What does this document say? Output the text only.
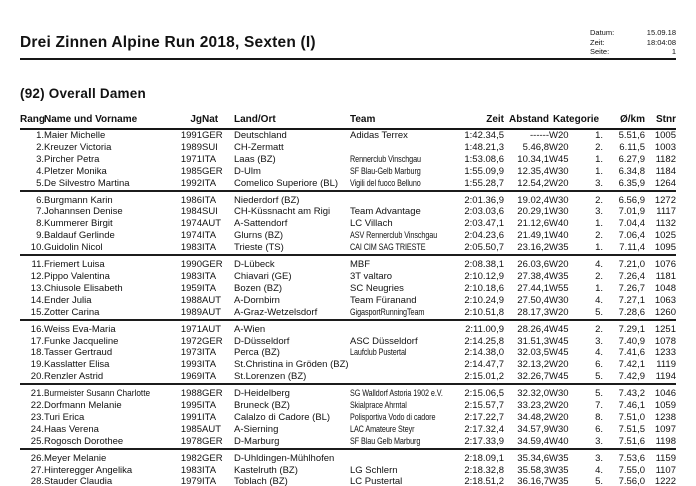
Drei Zinnen Alpine Run 2018, Sexten (I)
Datum:	15.09.18
Zeit:	18:04:08
Seite:	1
(92) Overall Damen
Rang	Name und Vorname	Jg	Nat	Land/Ort	Team	Zeit	Abstand	Kategorie		Ø/km	Stnr
1.	Maier Michelle	1991	GER	Deutschland	Adidas Terrex	1:42.34,5	------	W20	1.	5.51,6	1005
2.	Kreuzer Victoria	1989	SUI	CH-Zermatt		1:48.21,3	5.46,8	W20	2.	6.11,5	1003
3.	Pircher Petra	1971	ITA	Laas (BZ)	Rennerclub Vinschgau	1:53.08,6	10.34,1	W45	1.	6.27,9	1182
4.	Pletzer Monika	1985	GER	D-Ulm	SF Blau-Gelb Marburg	1:55.09,9	12.35,4	W30	1.	6.34,8	1184
5.	De Silvestro Martina	1992	ITA	Comelico Superiore (BL)	Vigili del fuoco Belluno	1:55.28,7	12.54,2	W20	3.	6.35,9	1264
6.	Burgmann Karin	1986	ITA	Niederdorf (BZ)		2:01.36,9	19.02,4	W30	2.	6.56,9	1272
7.	Johannsen Denise	1984	SUI	CH-Küssnacht am Rigi	Team Advantage	2:03.03,6	20.29,1	W30	3.	7.01,9	1117
8.	Kummerer Birgit	1974	AUT	A-Sattendorf	LC Villach	2:03.47,1	21.12,6	W40	1.	7.04,4	1132
9.	Baldauf Gerlinde	1974	ITA	Glurns (BZ)	ASV Rennerclub Vinschgau	2:04.23,6	21.49,1	W40	2.	7.06,4	1025
10.	Guidolin Nicol	1983	ITA	Trieste (TS)	CAI CIM SAG TRIESTE	2:05.50,7	23.16,2	W35	1.	7.11,4	1095
11.	Friemert Luisa	1990	GER	D-Lübeck	MBF	2:08.38,1	26.03,6	W20	4.	7.21,0	1076
12.	Pippo Valentina	1983	ITA	Chiavari (GE)	3T valtaro	2:10.12,9	27.38,4	W35	2.	7.26,4	1181
13.	Chiusole Elisabeth	1959	ITA	Bozen (BZ)	SC Neugries	2:10.18,6	27.44,1	W55	1.	7.26,7	1048
14.	Ender Julia	1988	AUT	A-Dornbirn	Team Füranand	2:10.24,9	27.50,4	W30	4.	7.27,1	1063
15.	Zotter Carina	1989	AUT	A-Graz-Wetzelsdorf	GigasportRunningTeam	2:10.51,8	28.17,3	W20	5.	7.28,6	1260
16.	Weiss Eva-Maria	1971	AUT	A-Wien		2:11.00,9	28.26,4	W45	2.	7.29,1	1251
17.	Funke Jacqueline	1972	GER	D-Düsseldorf	ASC Düsseldorf	2:14.25,8	31.51,3	W45	3.	7.40,9	1078
18.	Tasser Gertraud	1973	ITA	Perca (BZ)	Laufclub Pustertal	2:14.38,0	32.03,5	W45	4.	7.41,6	1233
19.	Kasslatter Elisa	1993	ITA	St.Christina in Gröden (BZ)		2:14.47,7	32.13,2	W20	6.	7.42,1	1119
20.	Renzler Astrid	1969	ITA	St.Lorenzen (BZ)		2:15.01,2	32.26,7	W45	5.	7.42,9	1194
21.	Burmeister Susann Charlotte	1988	GER	D-Heidelberg	SG Walldorf Astoria 1902 e.V.	2:15.06,5	32.32,0	W30	5.	7.43,2	1046
22.	Dorfmann Melanie	1995	ITA	Bruneck (BZ)	Skialprace Ahrntal	2:15.57,7	33.23,2	W20	7.	7.46,1	1059
23.	Turi Erica	1991	ITA	Calalzo di Cadore (BL)	Polisportiva Vodo di cadore	2:17.22,7	34.48,2	W20	8.	7.51,0	1238
24.	Haas Verena	1985	AUT	A-Sierning	LAC Amateure Steyr	2:17.32,4	34.57,9	W30	6.	7.51,5	1097
25.	Rogosch Dorothee	1978	GER	D-Marburg	SF Blau Gelb Marburg	2:17.33,9	34.59,4	W40	3.	7.51,6	1198
26.	Meyer Melanie	1982	GER	D-Uhldingen-Mühlhofen		2:18.09,1	35.34,6	W35	3.	7.53,6	1159
27.	Hinteregger Angelika	1983	ITA	Kastelruth (BZ)	LG Schlern	2:18.32,8	35.58,3	W35	4.	7.55,0	1107
28.	Stauder Claudia	1979	ITA	Toblach (BZ)	LC Pustertal	2:18.51,2	36.16,7	W35	5.	7.56,0	1222
